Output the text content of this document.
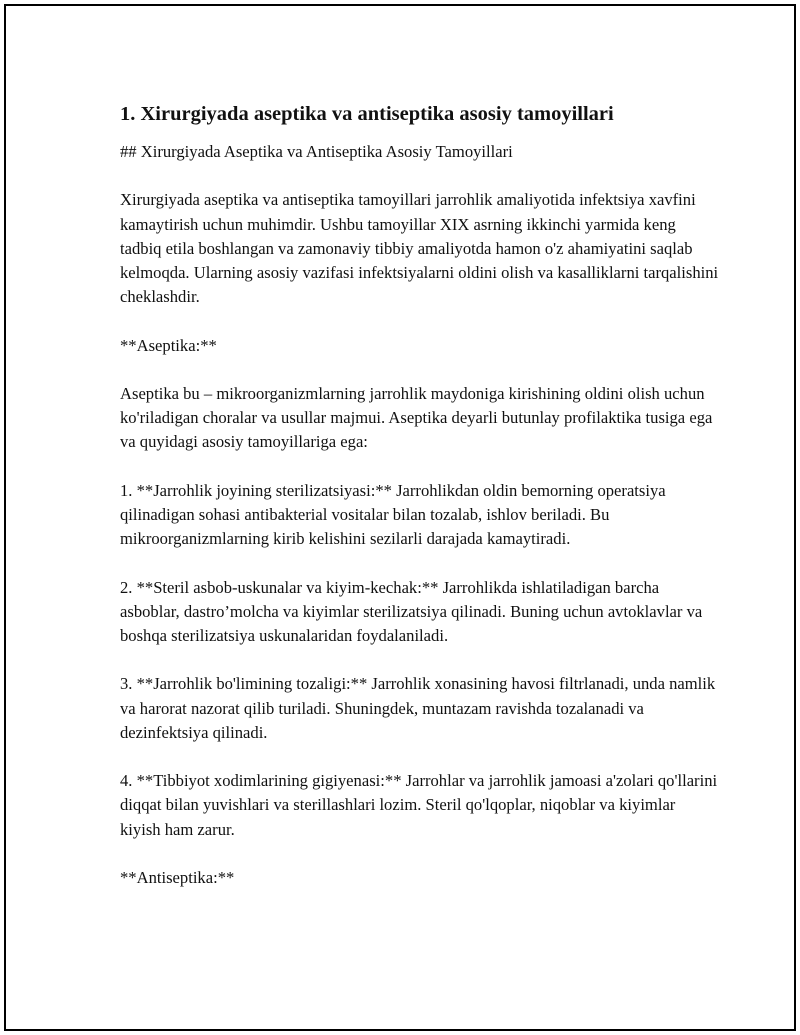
1. Xirurgiyada aseptika va antiseptika asosiy tamoyillari

## Xirurgiyada Aseptika va Antiseptika Asosiy Tamoyillari

Xirurgiyada aseptika va antiseptika tamoyillari jarrohlik amaliyotida infektsiya xavfini kamaytirish uchun muhimdir. Ushbu tamoyillar XIX asrning ikkinchi yarmida keng tadbiq etila boshlangan va zamonaviy tibbiy amaliyotda hamon o'z ahamiyatini saqlab kelmoqda. Ularning asosiy vazifasi infektsiyalarni oldini olish va kasalliklarni tarqalishini cheklashdir.

**Aseptika:**

Aseptika bu – mikroorganizmlarning jarrohlik maydoniga kirishining oldini olish uchun ko'riladigan choralar va usullar majmui. Aseptika deyarli butunlay profilaktika tusiga ega va quyidagi asosiy tamoyillariga ega:

1. **Jarrohlik joyining sterilizatsiyasi:** Jarrohlikdan oldin bemorning operatsiya qilinadigan sohasi antibakterial vositalar bilan tozalab, ishlov beriladi. Bu mikroorganizmlarning kirib kelishini sezilarli darajada kamaytiradi.

2. **Steril asbob-uskunalar va kiyim-kechak:** Jarrohlikda ishlatiladigan barcha asboblar, dastro’molcha va kiyimlar sterilizatsiya qilinadi. Buning uchun avtoklavlar va boshqa sterilizatsiya uskunalaridan foydalaniladi.

3. **Jarrohlik bo'limining tozaligi:** Jarrohlik xonasining havosi filtrlanadi, unda namlik va harorat nazorat qilib turiladi. Shuningdek, muntazam ravishda tozalanadi va dezinfektsiya qilinadi.

4. **Tibbiyot xodimlarining gigiyenasi:** Jarrohlar va jarrohlik jamoasi a'zolari qo'llarini diqqat bilan yuvishlari va sterillashlari lozim. Steril qo'lqoplar, niqoblar va kiyimlar kiyish ham zarur.

**Antiseptika:**
